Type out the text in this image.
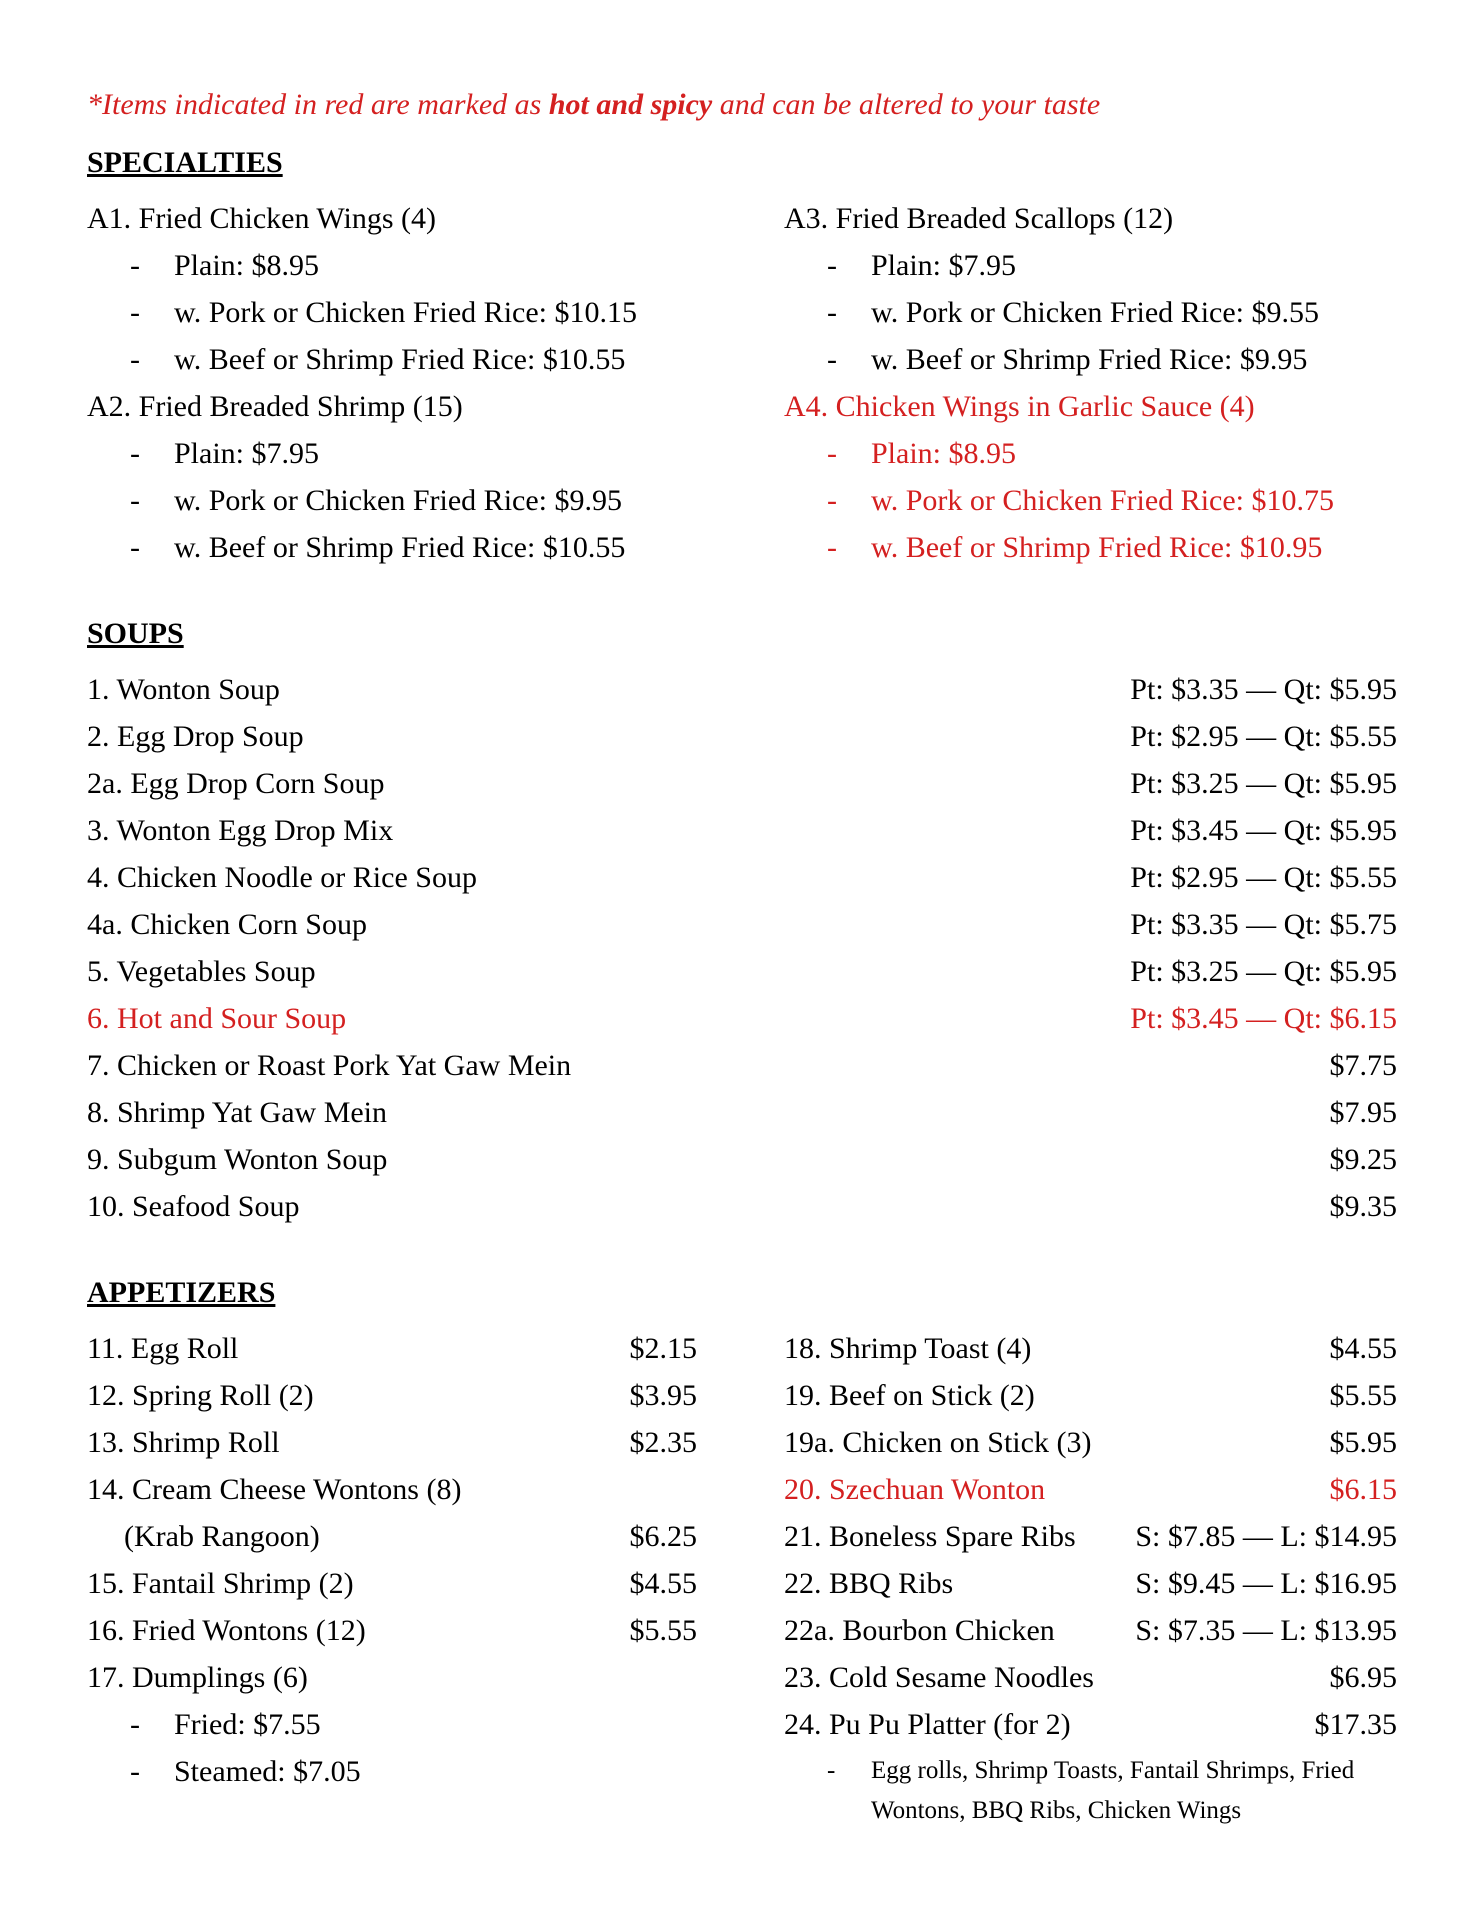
*Items indicated in red are marked as hot and spicy and can be altered to your taste
SPECIALTIES
A1. Fried Chicken Wings (4)
- Plain: $8.95
- w. Pork or Chicken Fried Rice: $10.15
- w. Beef or Shrimp Fried Rice: $10.55
A2. Fried Breaded Shrimp (15)
- Plain: $7.95
- w. Pork or Chicken Fried Rice: $9.95
- w. Beef or Shrimp Fried Rice: $10.55
A3. Fried Breaded Scallops (12)
- Plain: $7.95
- w. Pork or Chicken Fried Rice: $9.55
- w. Beef or Shrimp Fried Rice: $9.95
A4. Chicken Wings in Garlic Sauce (4)
- Plain: $8.95
- w. Pork or Chicken Fried Rice: $10.75
- w. Beef or Shrimp Fried Rice: $10.95
SOUPS
1. Wonton Soup	Pt: $3.35 — Qt: $5.95
2. Egg Drop Soup	Pt: $2.95 — Qt: $5.55
2a. Egg Drop Corn Soup	Pt: $3.25 — Qt: $5.95
3. Wonton Egg Drop Mix	Pt: $3.45 — Qt: $5.95
4. Chicken Noodle or Rice Soup	Pt: $2.95 — Qt: $5.55
4a. Chicken Corn Soup	Pt: $3.35 — Qt: $5.75
5. Vegetables Soup	Pt: $3.25 — Qt: $5.95
6. Hot and Sour Soup	Pt: $3.45 — Qt: $6.15
7. Chicken or Roast Pork Yat Gaw Mein	$7.75
8. Shrimp Yat Gaw Mein	$7.95
9. Subgum Wonton Soup	$9.25
10. Seafood Soup	$9.35
APPETIZERS
11. Egg Roll	$2.15
12. Spring Roll (2)	$3.95
13. Shrimp Roll	$2.35
14. Cream Cheese Wontons (8)
(Krab Rangoon)	$6.25
15. Fantail Shrimp (2)	$4.55
16. Fried Wontons (12)	$5.55
17. Dumplings (6)
- Fried: $7.55
- Steamed: $7.05
18. Shrimp Toast (4)	$4.55
19. Beef on Stick (2)	$5.55
19a. Chicken on Stick (3)	$5.95
20. Szechuan Wonton	$6.15
21. Boneless Spare Ribs S: $7.85 — L: $14.95
22. BBQ Ribs	S: $9.45 — L: $16.95
22a. Bourbon Chicken	S: $7.35 — L: $13.95
23. Cold Sesame Noodles	$6.95
24. Pu Pu Platter (for 2)	$17.35
- Egg rolls, Shrimp Toasts, Fantail Shrimps, Fried
Wontons, BBQ Ribs, Chicken Wings
